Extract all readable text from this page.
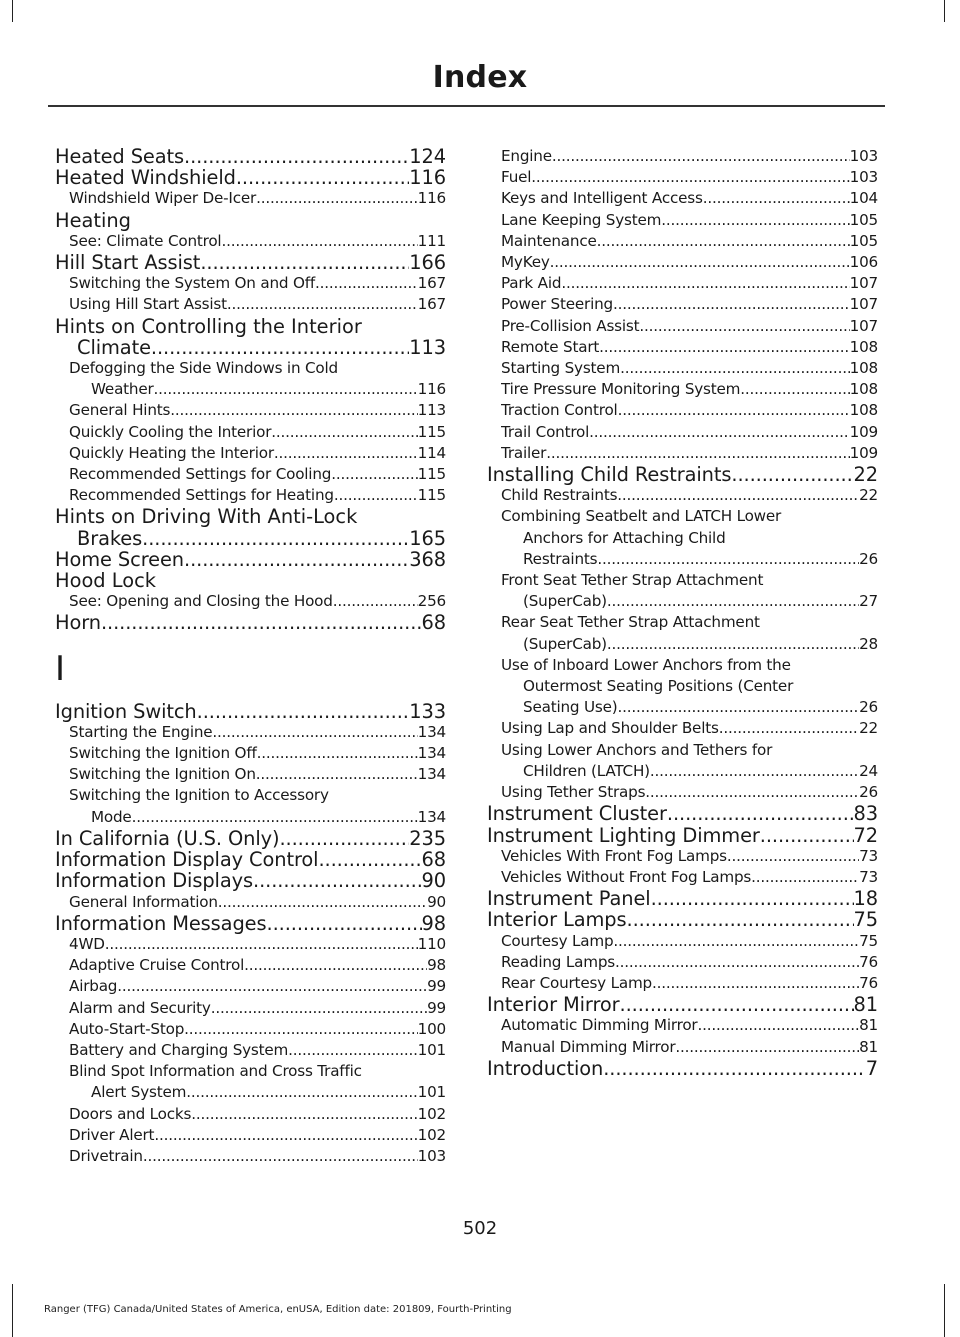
Index
Heated Seats .....	124
Heated Windshield .....	116
Windshield Wiper De-Icer .....	116
Heating
See: Climate Control .....	111
Hill Start Assist .....	166
Switching the System On and Off .....	167
Using Hill Start Assist .....	167
Hints on Controlling the Interior
Climate .....	113
Defogging the Side Windows in Cold
Weather .....	116
General Hints .....	113
Quickly Cooling the Interior .....	115
Quickly Heating the Interior .....	114
Recommended Settings for Cooling .....	115
Recommended Settings for Heating .....	115
Hints on Driving With Anti-Lock
Brakes .....	165
Home Screen .....	368
Hood Lock
See: Opening and Closing the Hood .....	256
Horn .....	68
I
Ignition Switch .....	133
Starting the Engine .....	134
Switching the Ignition Off .....	134
Switching the Ignition On .....	134
Switching the Ignition to Accessory
Mode .....	134
In California (U.S. Only) .....	235
Information Display Control .....	68
Information Displays .....	90
General Information .....	90
Information Messages .....	98
4WD .....	110
Adaptive Cruise Control .....	98
Airbag .....	99
Alarm and Security .....	99
Auto-Start-Stop .....	100
Battery and Charging System .....	101
Blind Spot Information and Cross Traffic
Alert System .....	101
Doors and Locks .....	102
Driver Alert .....	102
Drivetrain .....	103
Engine .....	103
Fuel .....	103
Keys and Intelligent Access .....	104
Lane Keeping System .....	105
Maintenance .....	105
MyKey .....	106
Park Aid .....	107
Power Steering .....	107
Pre-Collision Assist .....	107
Remote Start .....	108
Starting System .....	108
Tire Pressure Monitoring System .....	108
Traction Control .....	108
Trail Control .....	109
Trailer .....	109
Installing Child Restraints .....	22
Child Restraints .....	22
Combining Seatbelt and LATCH Lower
Anchors for Attaching Child
Restraints .....	26
Front Seat Tether Strap Attachment
(SuperCab) .....	27
Rear Seat Tether Strap Attachment
(SuperCab) .....	28
Use of Inboard Lower Anchors from the
Outermost Seating Positions (Center
Seating Use) .....	26
Using Lap and Shoulder Belts .....	22
Using Lower Anchors and Tethers for
CHildren (LATCH) .....	24
Using Tether Straps .....	26
Instrument Cluster .....	83
Instrument Lighting Dimmer .....	72
Vehicles With Front Fog Lamps .....	73
Vehicles Without Front Fog Lamps .....	73
Instrument Panel .....	18
Interior Lamps .....	75
Courtesy Lamp .....	75
Reading Lamps .....	76
Rear Courtesy Lamp .....	76
Interior Mirror .....	81
Automatic Dimming Mirror .....	81
Manual Dimming Mirror .....	81
Introduction .....	7
502
Ranger (TFG) Canada/United States of America, enUSA, Edition date: 201809, Fourth-Printing
